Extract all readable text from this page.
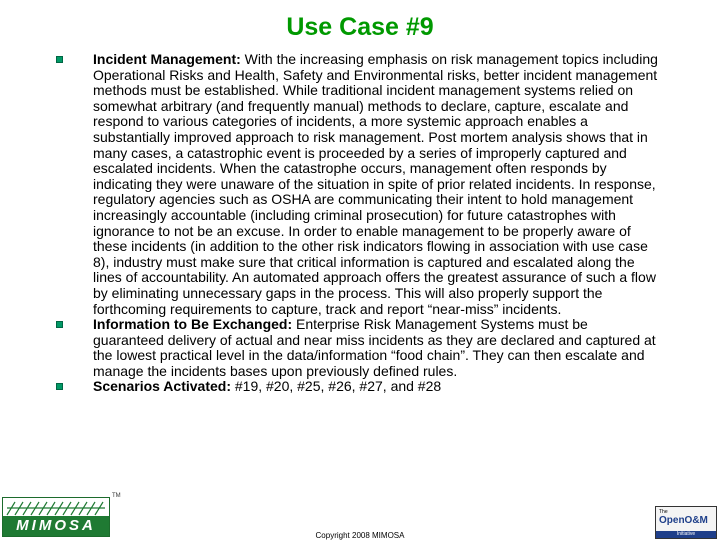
Use Case #9
Incident Management: With the increasing emphasis on risk management topics including Operational Risks and Health, Safety and Environmental risks, better incident management methods must be established. While traditional incident management systems relied on somewhat arbitrary (and frequently manual) methods to declare, capture, escalate and respond to various categories of incidents, a more systemic approach enables a substantially improved approach to risk management. Post mortem analysis shows that in many cases, a catastrophic event is proceeded by a series of improperly captured and escalated incidents. When the catastrophe occurs, management often responds by indicating they were unaware of the situation in spite of prior related incidents. In response, regulatory agencies such as OSHA are communicating their intent to hold management increasingly accountable (including criminal prosecution) for future catastrophes with ignorance to not be an excuse. In order to enable management to be properly aware of these incidents (in addition to the other risk indicators flowing in association with use case 8), industry must make sure that critical information is captured and escalated along the lines of accountability. An automated approach offers the greatest assurance of such a flow by eliminating unnecessary gaps in the process. This will also properly support the forthcoming requirements to capture, track and report “near-miss” incidents.
Information to Be Exchanged: Enterprise Risk Management Systems must be guaranteed delivery of actual and near miss incidents as they are declared and captured at the lowest practical level in the data/information “food chain”. They can then escalate and manage the incidents bases upon previously defined rules.
Scenarios Activated: #19, #20, #25, #26, #27, and #28
MIMOSA
TM
Copyright 2008 MIMOSA
The
OpenO&M
Initiative
